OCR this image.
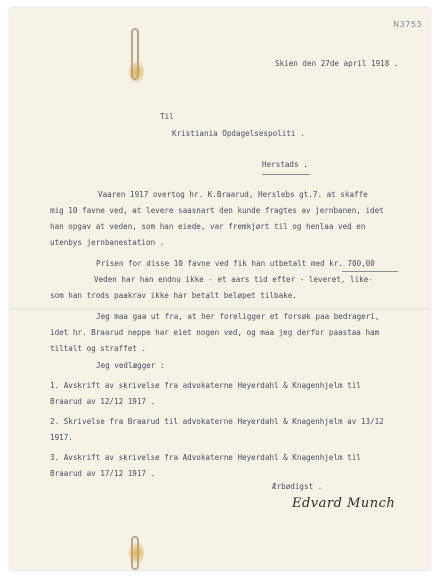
N3753
Skien den 27de april 1918 .
Til
Kristiania Opdagelsespoliti .
Herstads .
Vaaren 1917 overtog hr. K.Braarud, Herslebs gt.7. at skaffe
mig 10 favne ved, at levere saasnart den kunde fragtes av jernbanen, idet
han opgav at veden, som han eiede, var fremkjørt til og henlaa ved en
utenbys jernbanestation .
Prisen for disse 10 favne ved fik han utbetalt med kr. 700,00
Veden har han endnu ikke - et aars tid efter - leveret, like-
som han trods paakrav ikke har betalt beløpet tilbake.
Jeg maa gaa ut fra, at her foreligger et forsøk paa bedrageri,
idet hr. Braarud neppe har eiet nogen ved, og maa jeg derfor paastaa ham
tiltalt og straffet .
Jeg vedlægger :
1. Avskrift av skrivelse fra advokaterne Heyerdahl & Knagenhjelm til
Braarud av 12/12 1917 .
2. Skrivelse fra Braarud til advokaterne Heyerdahl & Knagenhjelm av 13/12
1917.
3. Avskrift av skrivelse fra Advokaterne Heyerdahl & Knagenhjelm til
Braarud av 17/12 1917 .
Ærbødigst .
Edvard Munch
